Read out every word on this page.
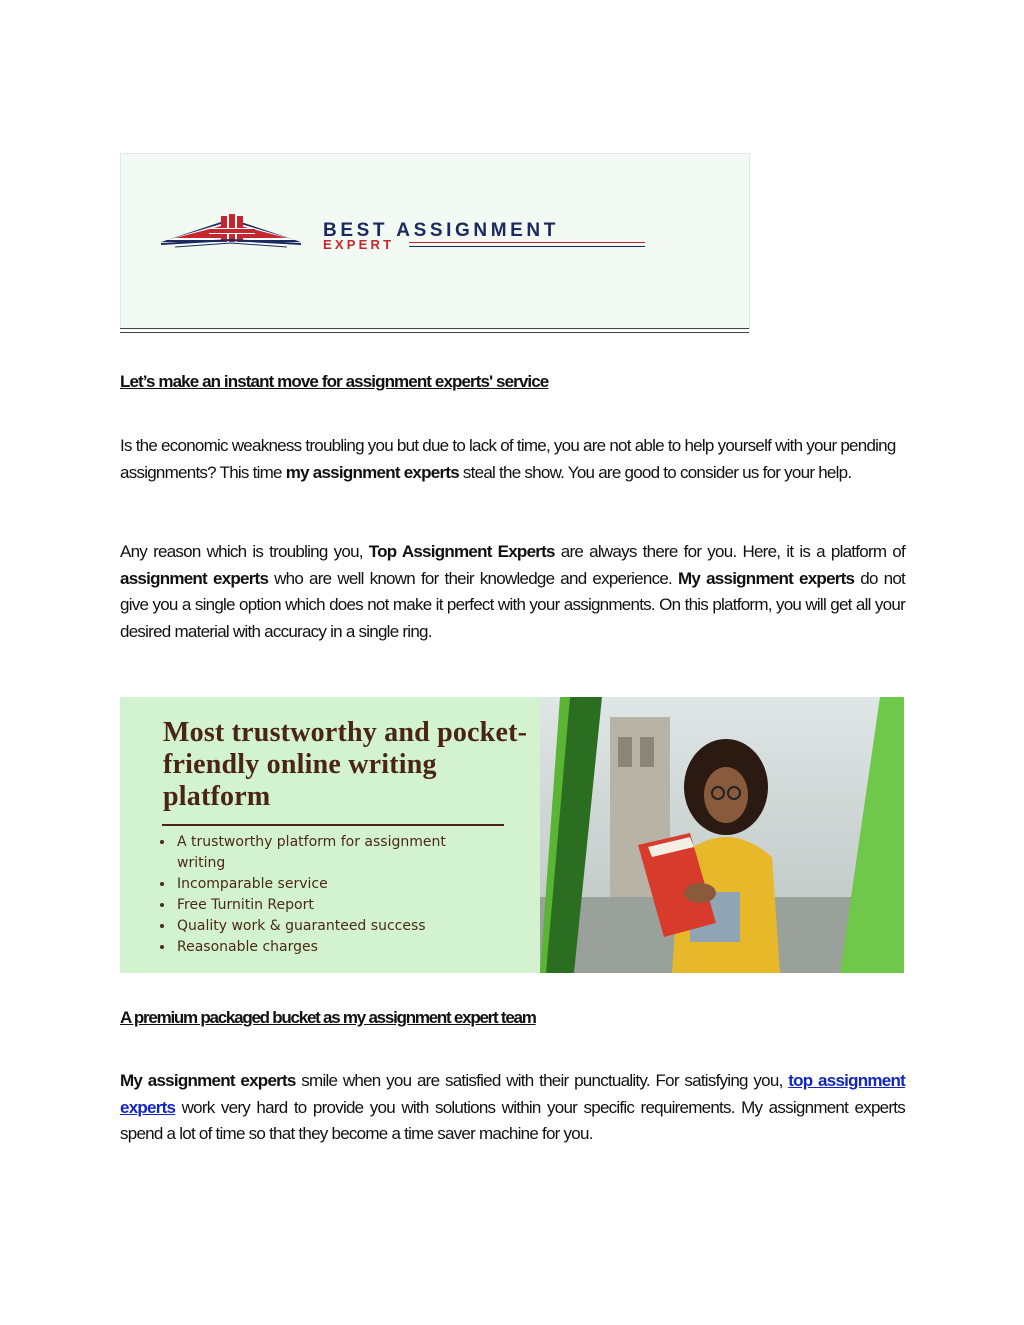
BEST ASSIGNMENT
EXPERT
Let’s make an instant move for assignment experts' service
Is the economic weakness troubling you but due to lack of time, you are not able to help yourself with your pending assignments? This time my assignment experts steal the show. You are good to consider us for your help.
Any reason which is troubling you, Top Assignment Experts are always there for you. Here, it is a platform of assignment experts who are well known for their knowledge and experience. My assignment experts do not give you a single option which does not make it perfect with your assignments. On this platform, you will get all your desired material with accuracy in a single ring.
Most trustworthy and pocket-friendly online writing platform
• A trustworthy platform for assignment writing
• Incomparable service
• Free Turnitin Report
• Quality work & guaranteed success
• Reasonable charges
A premium packaged bucket as my assignment expert team
My assignment experts smile when you are satisfied with their punctuality. For satisfying you, top assignment experts work very hard to provide you with solutions within your specific requirements. My assignment experts spend a lot of time so that they become a time saver machine for you.
